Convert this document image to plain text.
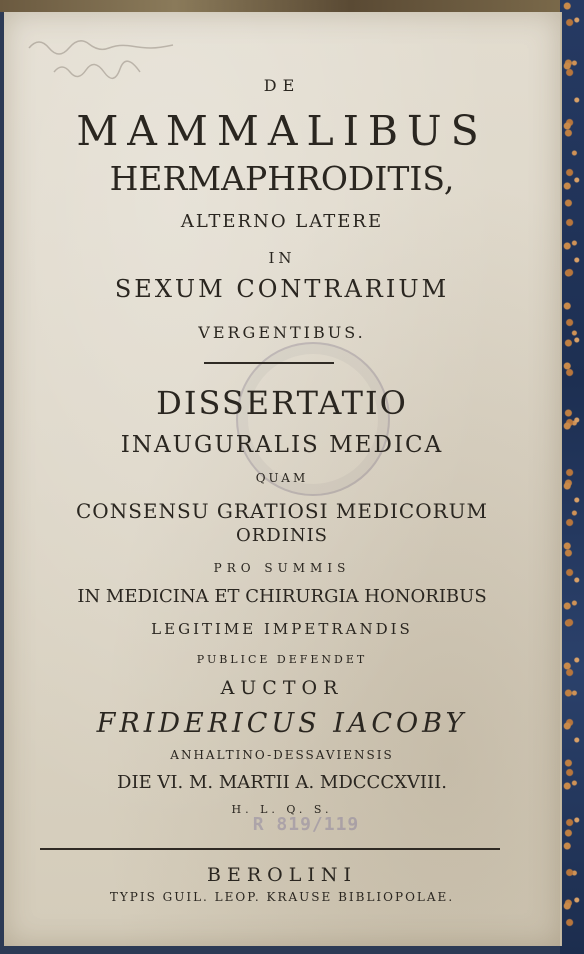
DE
MAMMALIBUS
HERMAPHRODITIS,
ALTERNO LATERE
IN
SEXUM CONTRARIUM
VERGENTIBUS.
DISSERTATIO
INAUGURALIS MEDICA
QUAM
CONSENSU GRATIOSI MEDICORUM
ORDINIS
PRO SUMMIS
IN MEDICINA ET CHIRURGIA HONORIBUS
LEGITIME IMPETRANDIS
PUBLICE DEFENDET
AUCTOR
FRIDERICUS IACOBY
ANHALTINO-DESSAVIENSIS
DIE VI. M. MARTII A. MDCCCXVIII.
H. L. Q. S.
R 819/119
BEROLINI
TYPIS GUIL. LEOP. KRAUSE BIBLIOPOLAE.
